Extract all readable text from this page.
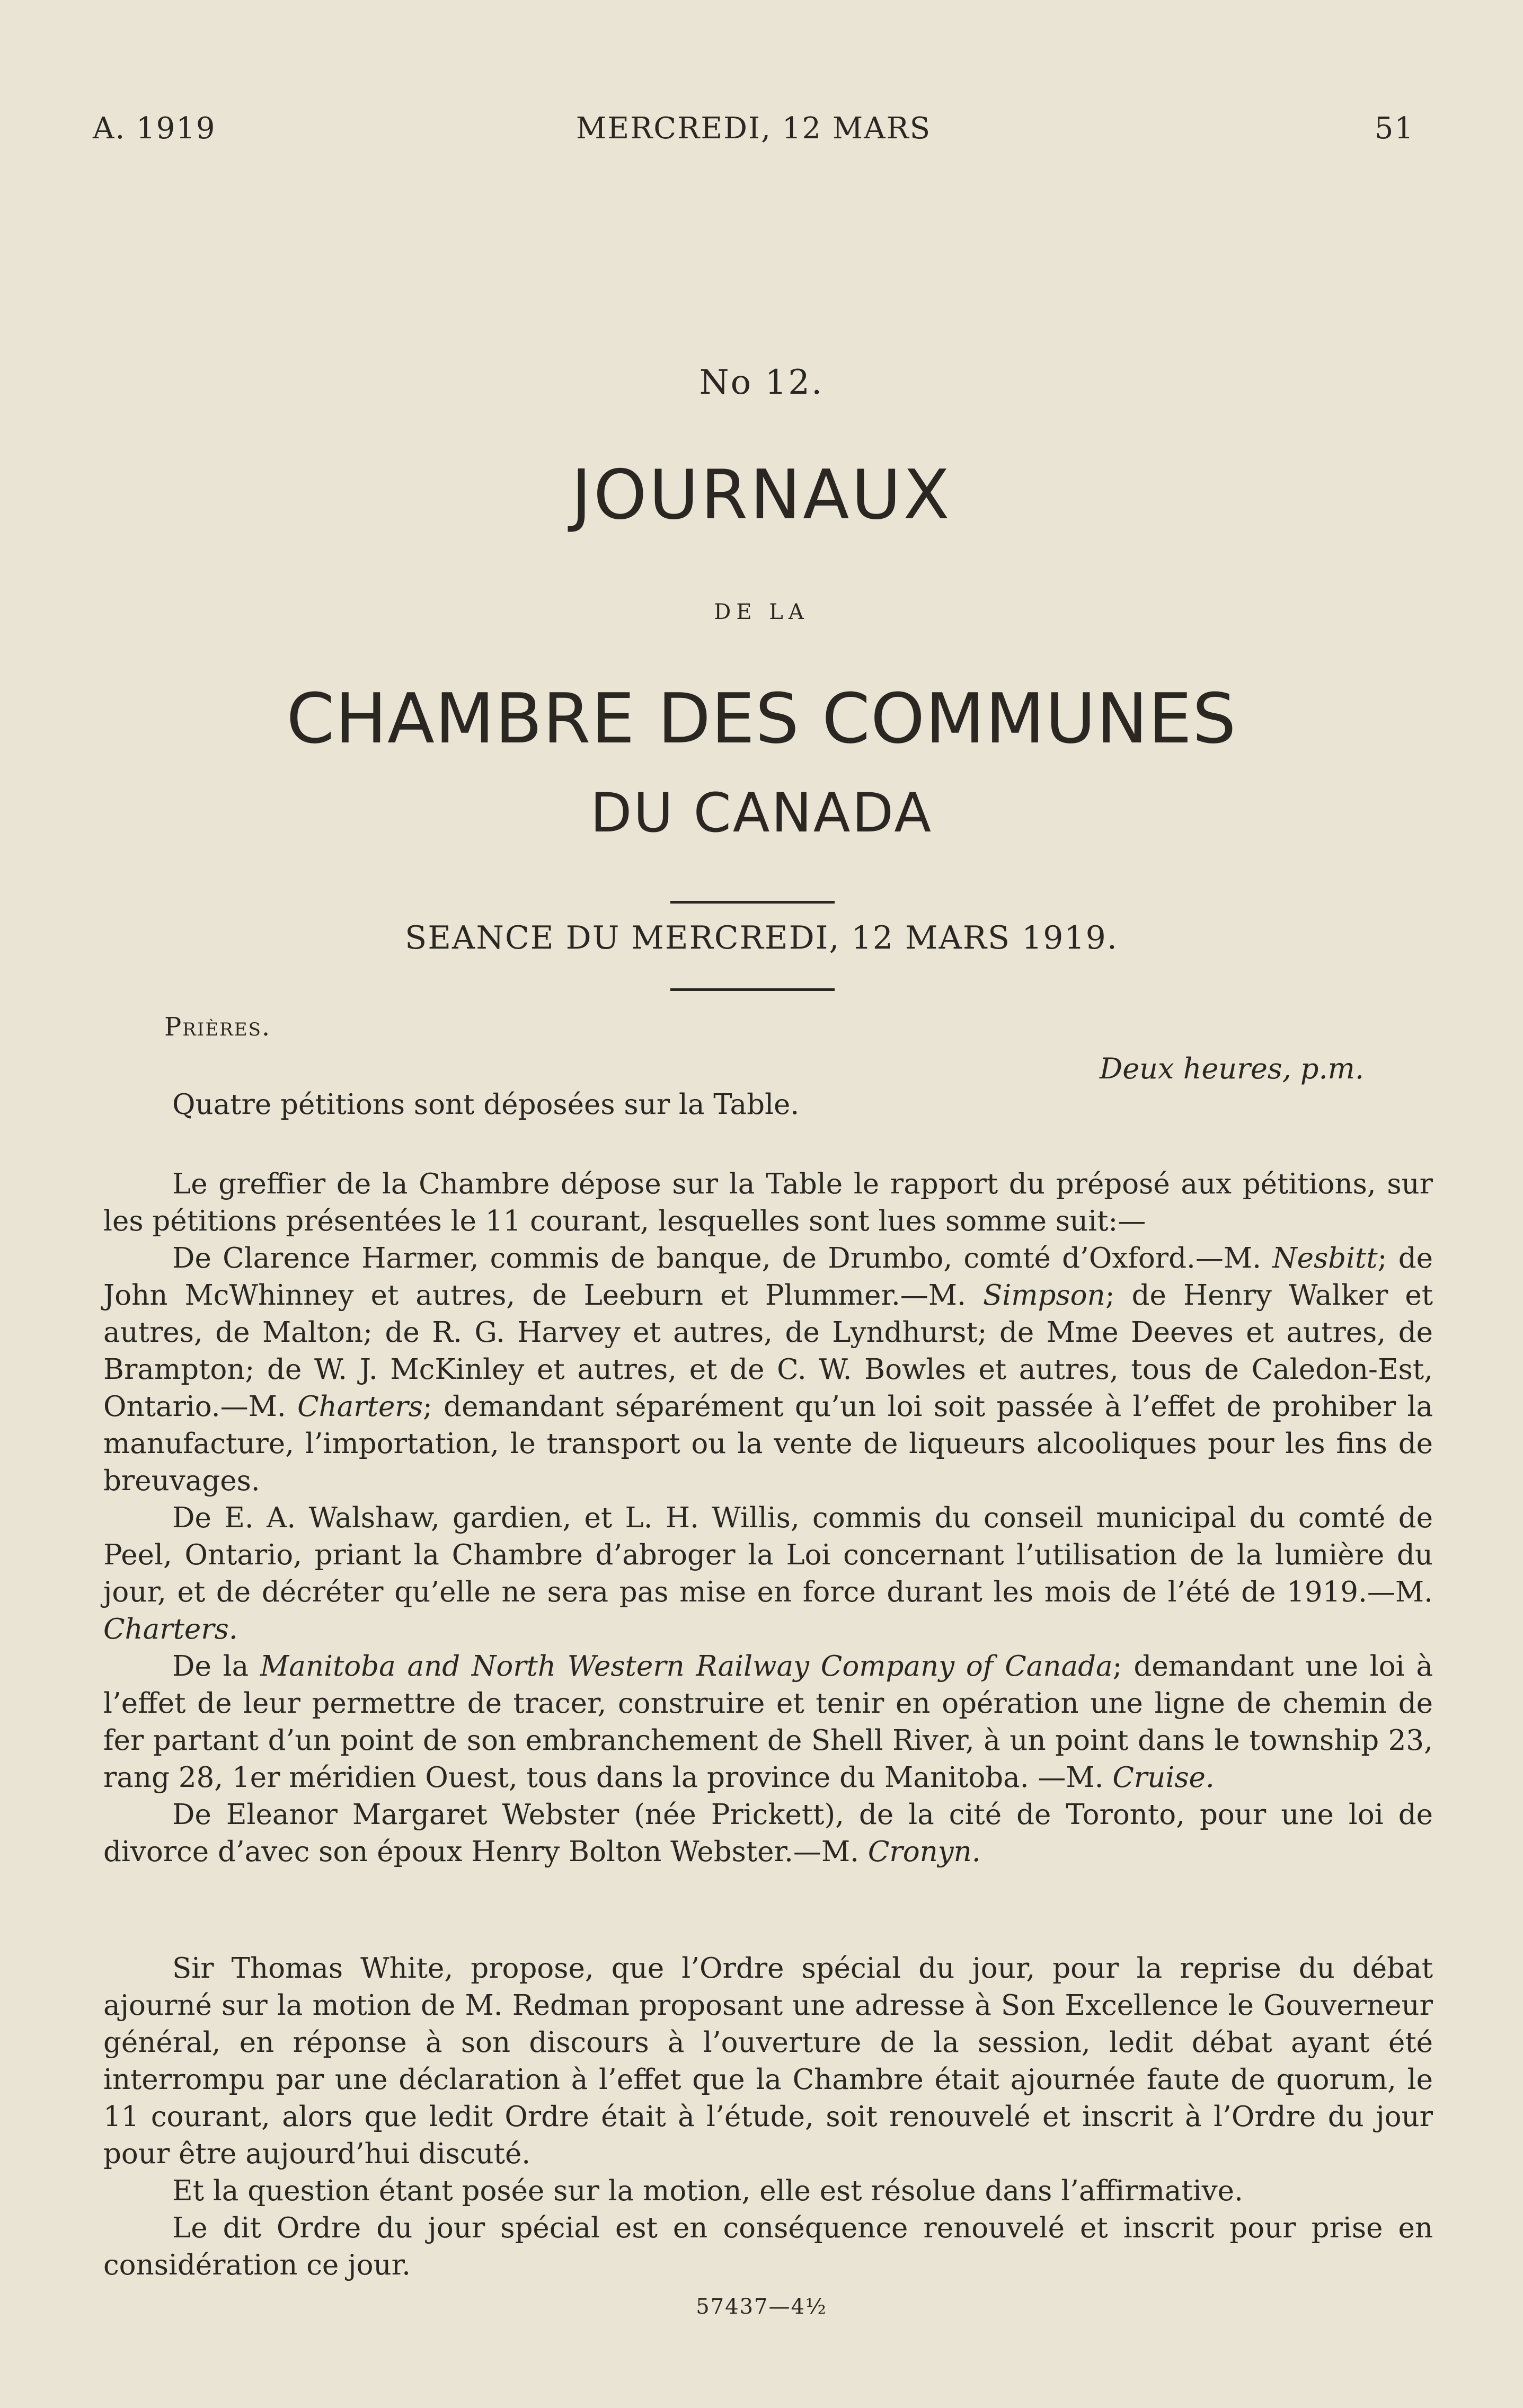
A. 1919	MERCREDI, 12 MARS	51
No 12.
JOURNAUX
DE LA
CHAMBRE DES COMMUNES
DU CANADA
SEANCE DU MERCREDI, 12 MARS 1919.
Prières.
Deux heures, p.m.

Quatre pétitions sont déposées sur la Table.

Le greffier de la Chambre dépose sur la Table le rapport du préposé aux pétitions, sur les pétitions présentées le 11 courant, lesquelles sont lues somme suit:—

De Clarence Harmer, commis de banque, de Drumbo, comté d’Oxford.—M. Nesbitt; de John McWhinney et autres, de Leeburn et Plummer.—M. Simpson; de Henry Walker et autres, de Malton; de R. G. Harvey et autres, de Lyndhurst; de Mme Deeves et autres, de Brampton; de W. J. McKinley et autres, et de C. W. Bowles et autres, tous de Caledon-Est, Ontario.—M. Charters; demandant séparément qu’un loi soit passée à l’effet de prohiber la manufacture, l’importation, le transport ou la vente de liqueurs alcooliques pour les fins de breuvages.

De E. A. Walshaw, gardien, et L. H. Willis, commis du conseil municipal du comté de Peel, Ontario, priant la Chambre d’abroger la Loi concernant l’utilisation de la lumière du jour, et de décréter qu’elle ne sera pas mise en force durant les mois de l’été de 1919.—M. Charters.

De la Manitoba and North Western Railway Company of Canada; demandant une loi à l’effet de leur permettre de tracer, construire et tenir en opération une ligne de chemin de fer partant d’un point de son embranchement de Shell River, à un point dans le township 23, rang 28, 1er méridien Ouest, tous dans la province du Manitoba. —M. Cruise.

De Eleanor Margaret Webster (née Prickett), de la cité de Toronto, pour une loi de divorce d’avec son époux Henry Bolton Webster.—M. Cronyn.

Sir Thomas White, propose, que l’Ordre spécial du jour, pour la reprise du débat ajourné sur la motion de M. Redman proposant une adresse à Son Excellence le Gouverneur général, en réponse à son discours à l’ouverture de la session, ledit débat ayant été interrompu par une déclaration à l’effet que la Chambre était ajournée faute de quorum, le 11 courant, alors que ledit Ordre était à l’étude, soit renouvelé et inscrit à l’Ordre du jour pour être aujourd’hui discuté.

Et la question étant posée sur la motion, elle est résolue dans l’affirmative.

Le dit Ordre du jour spécial est en conséquence renouvelé et inscrit pour prise en considération ce jour.

57437—4½
